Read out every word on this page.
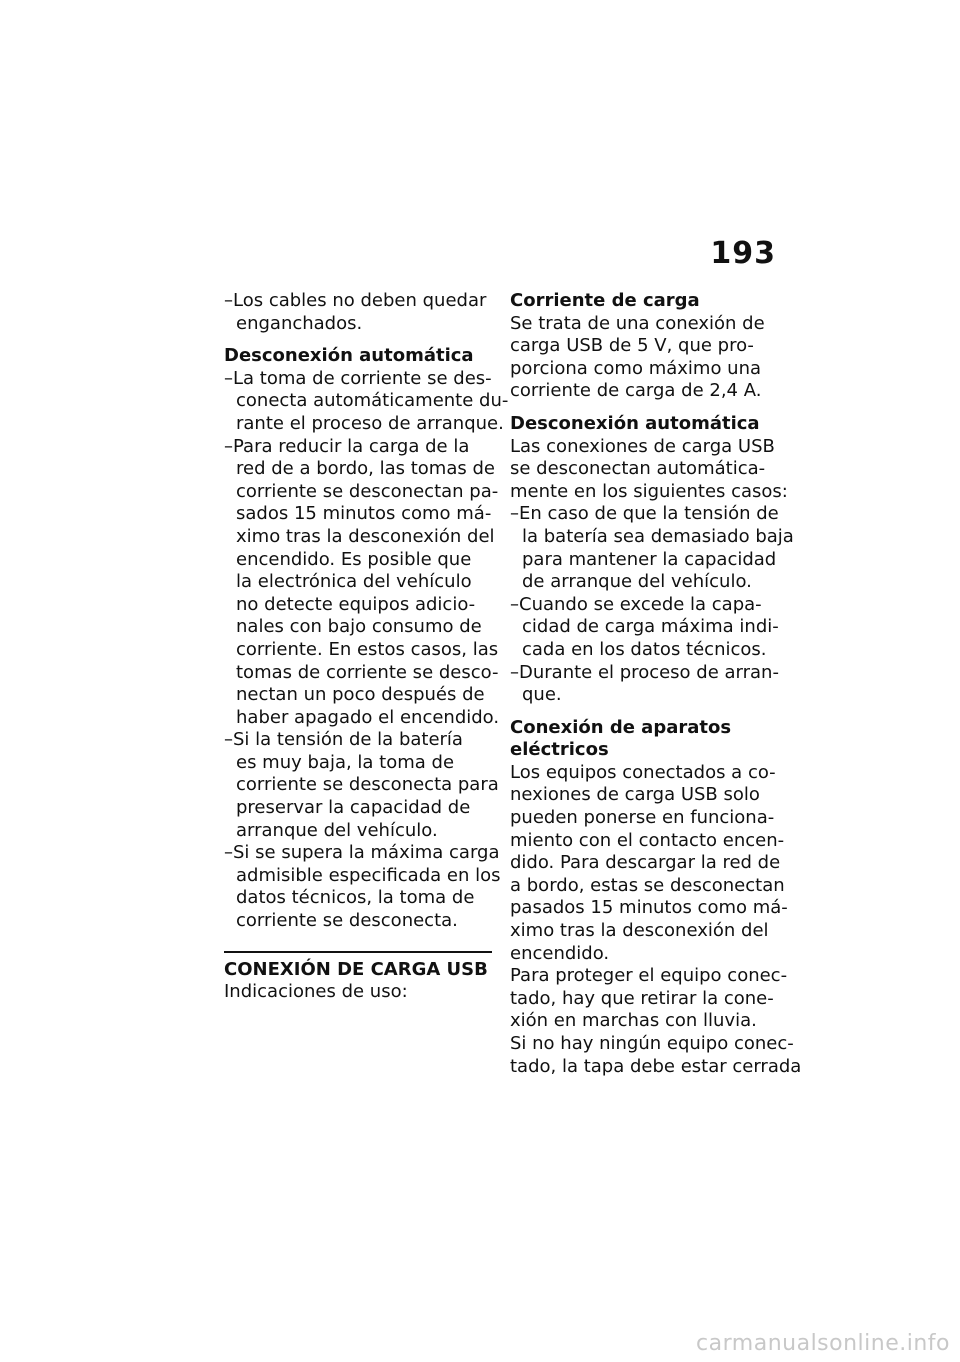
193
–Los cables no deben quedar
enganchados.

Desconexión automática

–La toma de corriente se des-
conecta automáticamente du-
rante el proceso de arranque.
–Para reducir la carga de la
red de a bordo, las tomas de
corriente se desconectan pa-
sados 15 minutos como má-
ximo tras la desconexión del
encendido. Es posible que
la electrónica del vehículo
no detecte equipos adicio-
nales con bajo consumo de
corriente. En estos casos, las
tomas de corriente se desco-
nectan un poco después de
haber apagado el encendido.
–Si la tensión de la batería
es muy baja, la toma de
corriente se desconecta para
preservar la capacidad de
arranque del vehículo.
–Si se supera la máxima carga
admisible especificada en los
datos técnicos, la toma de
corriente se desconecta.

CONEXIÓN DE CARGA USB

Indicaciones de uso:

Corriente de carga

Se trata de una conexión de
carga USB de 5 V, que pro-
porciona como máximo una
corriente de carga de 2,4 A.

Desconexión automática

Las conexiones de carga USB
se desconectan automática-
mente en los siguientes casos:
–En caso de que la tensión de
la batería sea demasiado baja
para mantener la capacidad
de arranque del vehículo.
–Cuando se excede la capa-
cidad de carga máxima indi-
cada en los datos técnicos.
–Durante el proceso de arran-
que.

Conexión de aparatos
eléctricos

Los equipos conectados a co-
nexiones de carga USB solo
pueden ponerse en funciona-
miento con el contacto encen-
dido. Para descargar la red de
a bordo, estas se desconectan
pasados 15 minutos como má-
ximo tras la desconexión del
encendido.
Para proteger el equipo conec-
tado, hay que retirar la cone-
xión en marchas con lluvia.
Si no hay ningún equipo conec-
tado, la tapa debe estar cerrada
carmanualsonline.info
